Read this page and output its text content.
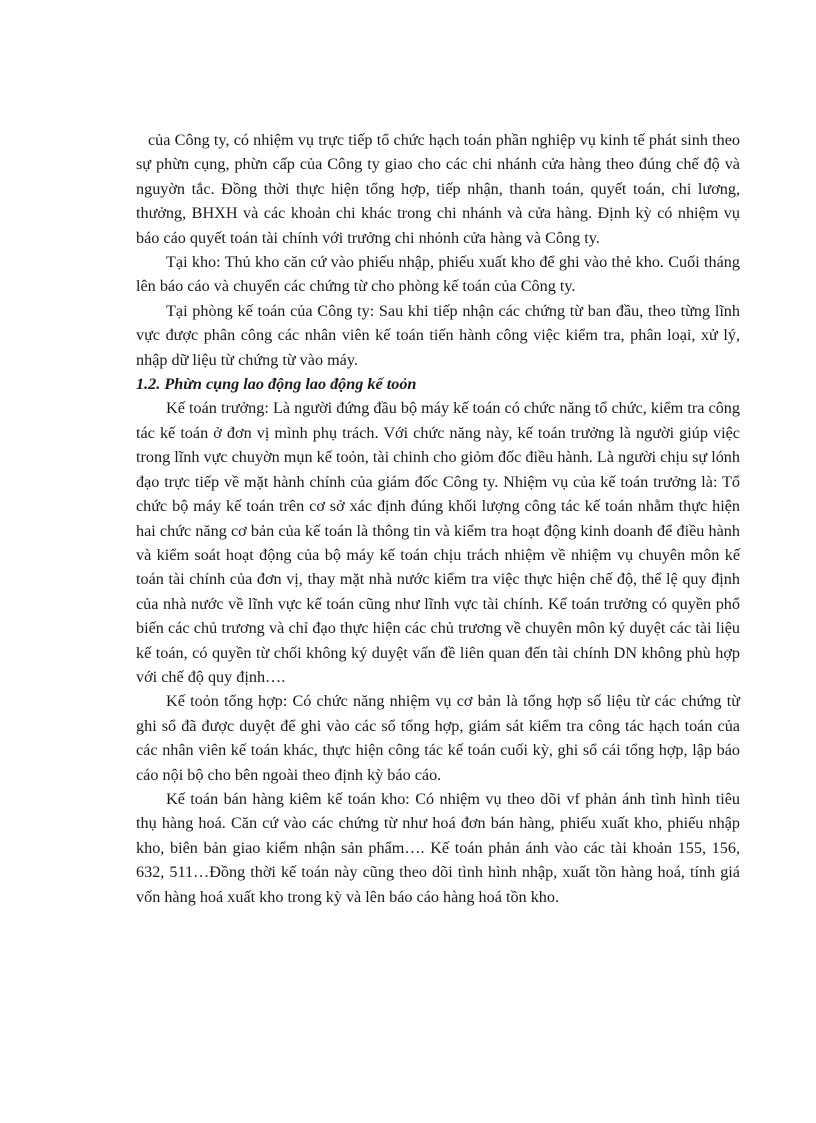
của Công ty, có nhiệm vụ trực tiếp tổ chức hạch toán phần nghiệp vụ kinh tế phát sinh theo sự phừn cụng, phừn cấp của Công ty giao cho các chi nhánh cửa hàng theo đúng chế độ và nguyờn tắc. Đồng thời thực hiện tổng hợp, tiếp nhận, thanh toán, quyết toán, chi lương, thưởng, BHXH và các khoản chi khác trong chi nhánh và cửa hàng. Định kỳ có nhiệm vụ báo cáo quyết toán tài chính với trưởng chi nhỏnh cửa hàng và Công ty.

Tại kho: Thủ kho căn cứ vào phiếu nhập, phiếu xuất kho để ghi vào thẻ kho. Cuối tháng lên báo cáo và chuyển các chứng từ cho phòng kế toán của Công ty.

Tại phòng kế toán của Công ty: Sau khi tiếp nhận các chứng từ ban đầu, theo từng lĩnh vực được phân công các nhân viên kế toán tiến hành công việc kiểm tra, phân loại, xử lý, nhập dữ liệu từ chứng từ vào máy.

1.2. Phừn cụng lao động lao động kế toỏn

Kế toán trưởng: Là người đứng đầu bộ máy kế toán có chức năng tổ chức, kiểm tra công tác kế toán ở đơn vị mình phụ trách. Với chức năng này, kế toán trưởng là người giúp việc trong lĩnh vực chuyờn mụn kế toỏn, tài chinh cho giỏm đốc điều hành. Là người chịu sự lónh đạo trực tiếp về mặt hành chính của giám đốc Công ty. Nhiệm vụ của kế toán trưởng là: Tổ chức bộ máy kế toán trên cơ sở xác định đúng khối lượng công tác kế toán nhằm thực hiện hai chức năng cơ bản của kế toán là thông tin và kiểm tra hoạt động kinh doanh để điều hành và kiểm soát hoạt động của bộ máy kế toán chịu trách nhiệm về nhiệm vụ chuyên môn kế toán tài chính của đơn vị, thay mặt nhà nước kiểm tra việc thực hiện chế độ, thể lệ quy định của nhà nước về lĩnh vực kế toán cũng như lĩnh vực tài chính. Kế toán trưởng có quyền phổ biến các chủ trương và chỉ đạo thực hiện các chủ trương về chuyên môn ký duyệt các tài liệu kế toán, có quyền từ chối không ký duyệt vấn đề liên quan đến tài chính DN không phù hợp với chế độ quy định….

Kế toỏn tổng hợp: Có chức năng nhiệm vụ cơ bản là tổng hợp số liệu từ các chứng từ ghi sổ đã được duyệt để ghi vào các sổ tổng hợp, giám sát kiểm tra công tác hạch toán của các nhân viên kế toán khác, thực hiện công tác kế toán cuối kỳ, ghi sổ cái tổng hợp, lập báo cáo nội bộ cho bên ngoài theo định kỳ báo cáo.

Kế toán bán hàng kiêm kế toán kho: Có nhiệm vụ theo dõi vf phản ánh tình hình tiêu thụ hàng hoá. Căn cứ vào các chứng từ như hoá đơn bán hàng, phiếu xuất kho, phiếu nhập kho, biên bản giao kiểm nhận sản phẩm…. Kế toán phản ánh vào các tài khoản 155, 156, 632, 511…Đồng thời kế toán này cũng theo dõi tình hình nhập, xuất tồn hàng hoá, tính giá vốn hàng hoá xuất kho trong kỳ và lên báo cáo hàng hoá tồn kho.
